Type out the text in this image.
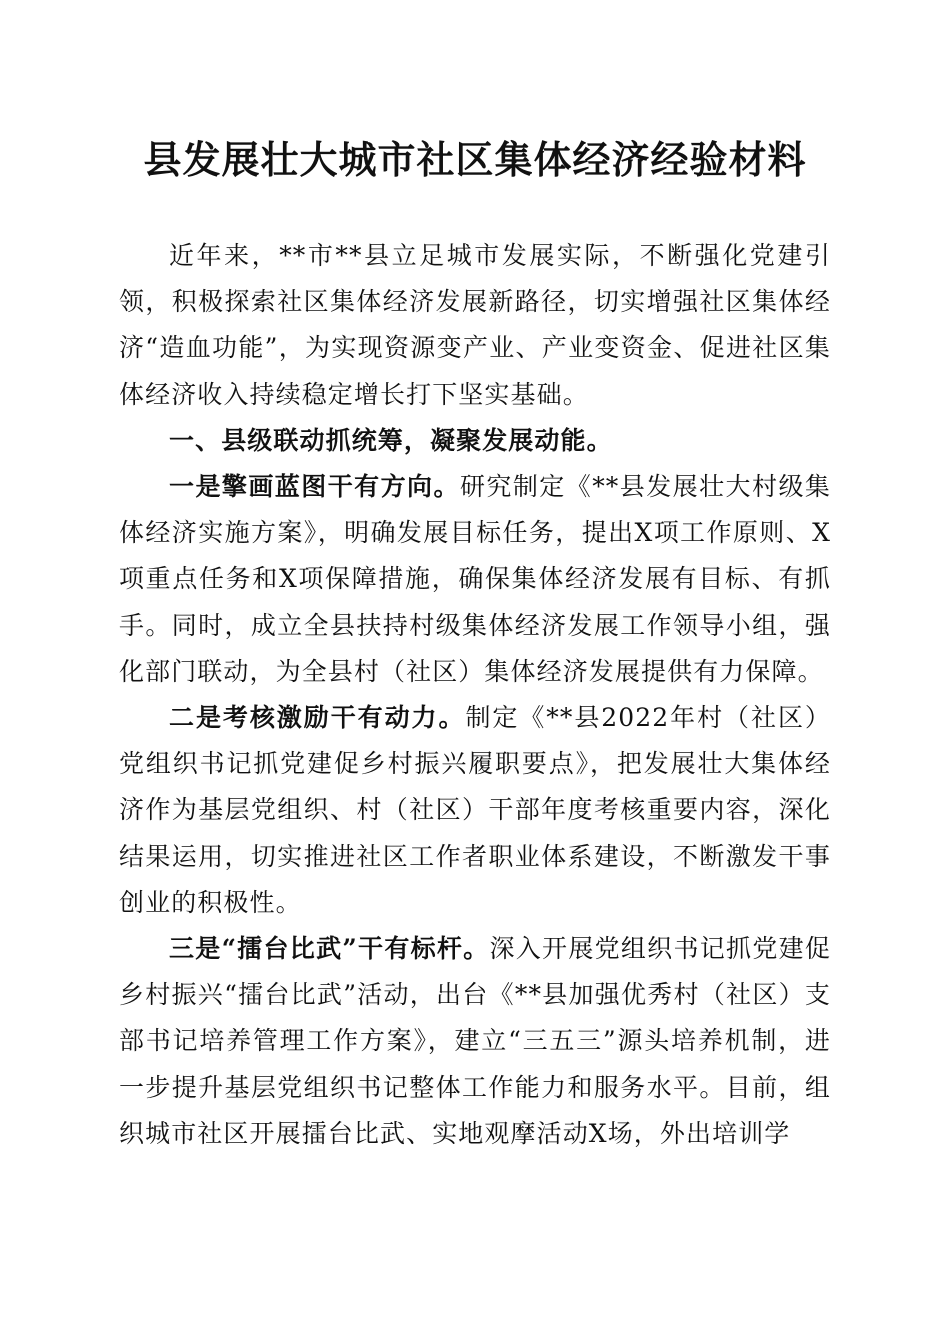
县发展壮大城市社区集体经济经验材料

近年来，**市**县立足城市发展实际，不断强化党建引领，积极探索社区集体经济发展新路径，切实增强社区集体经济“造血功能”，为实现资源变产业、产业变资金、促进社区集体经济收入持续稳定增长打下坚实基础。

一、县级联动抓统筹，凝聚发展动能。

一是擎画蓝图干有方向。研究制定《**县发展壮大村级集体经济实施方案》，明确发展目标任务，提出X项工作原则、X项重点任务和X项保障措施，确保集体经济发展有目标、有抓手。同时，成立全县扶持村级集体经济发展工作领导小组，强化部门联动，为全县村（社区）集体经济发展提供有力保障。

二是考核激励干有动力。制定《**县2022年村（社区）党组织书记抓党建促乡村振兴履职要点》，把发展壮大集体经济作为基层党组织、村（社区）干部年度考核重要内容，深化结果运用，切实推进社区工作者职业体系建设，不断激发干事创业的积极性。

三是“擂台比武”干有标杆。深入开展党组织书记抓党建促乡村振兴“擂台比武”活动，出台《**县加强优秀村（社区）支部书记培养管理工作方案》，建立“三五三”源头培养机制，进一步提升基层党组织书记整体工作能力和服务水平。目前，组织城市社区开展擂台比武、实地观摩活动X场，外出培训学
